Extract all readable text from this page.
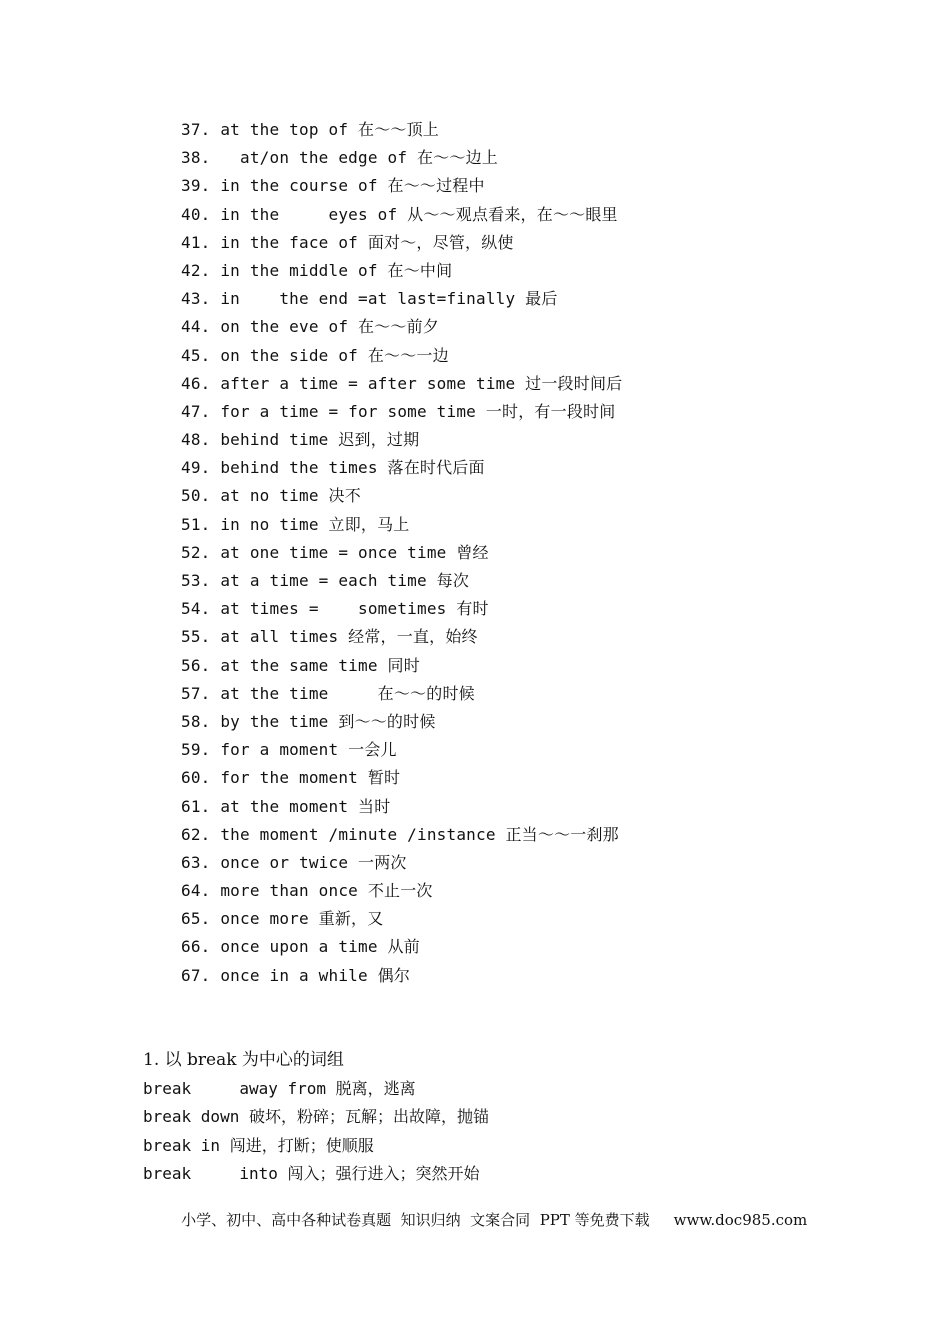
37. at the top of 在～～顶上
38.   at/on the edge of 在～～边上
39. in the course of 在～～过程中
40. in the     eyes of 从～～观点看来，在～～眼里
41. in the face of 面对～，尽管，纵使
42. in the middle of 在～中间
43. in    the end =at last=finally 最后
44. on the eve of 在～～前夕
45. on the side of 在～～一边
46. after a time = after some time 过一段时间后
47. for a time = for some time 一时，有一段时间
48. behind time 迟到，过期
49. behind the times 落在时代后面
50. at no time 决不
51. in no time 立即，马上
52. at one time = once time 曾经
53. at a time = each time 每次
54. at times =    sometimes 有时
55. at all times 经常，一直，始终
56. at the same time 同时
57. at the time     在～～的时候
58. by the time 到～～的时候
59. for a moment 一会儿
60. for the moment 暂时
61. at the moment 当时
62. the moment /minute /instance 正当～～一刹那
63. once or twice 一两次
64. more than once 不止一次
65. once more 重新，又
66. once upon a time 从前
67. once in a while 偶尔
1. 以 break 为中心的词组
break     away from 脱离，逃离
break down 破坏，粉碎；瓦解；出故障，抛锚
break in 闯进，打断；使顺服
break     into 闯入；强行进入；突然开始

小学、初中、高中各种试卷真题  知识归纳  文案合同  PPT 等免费下载 www.doc985.com
